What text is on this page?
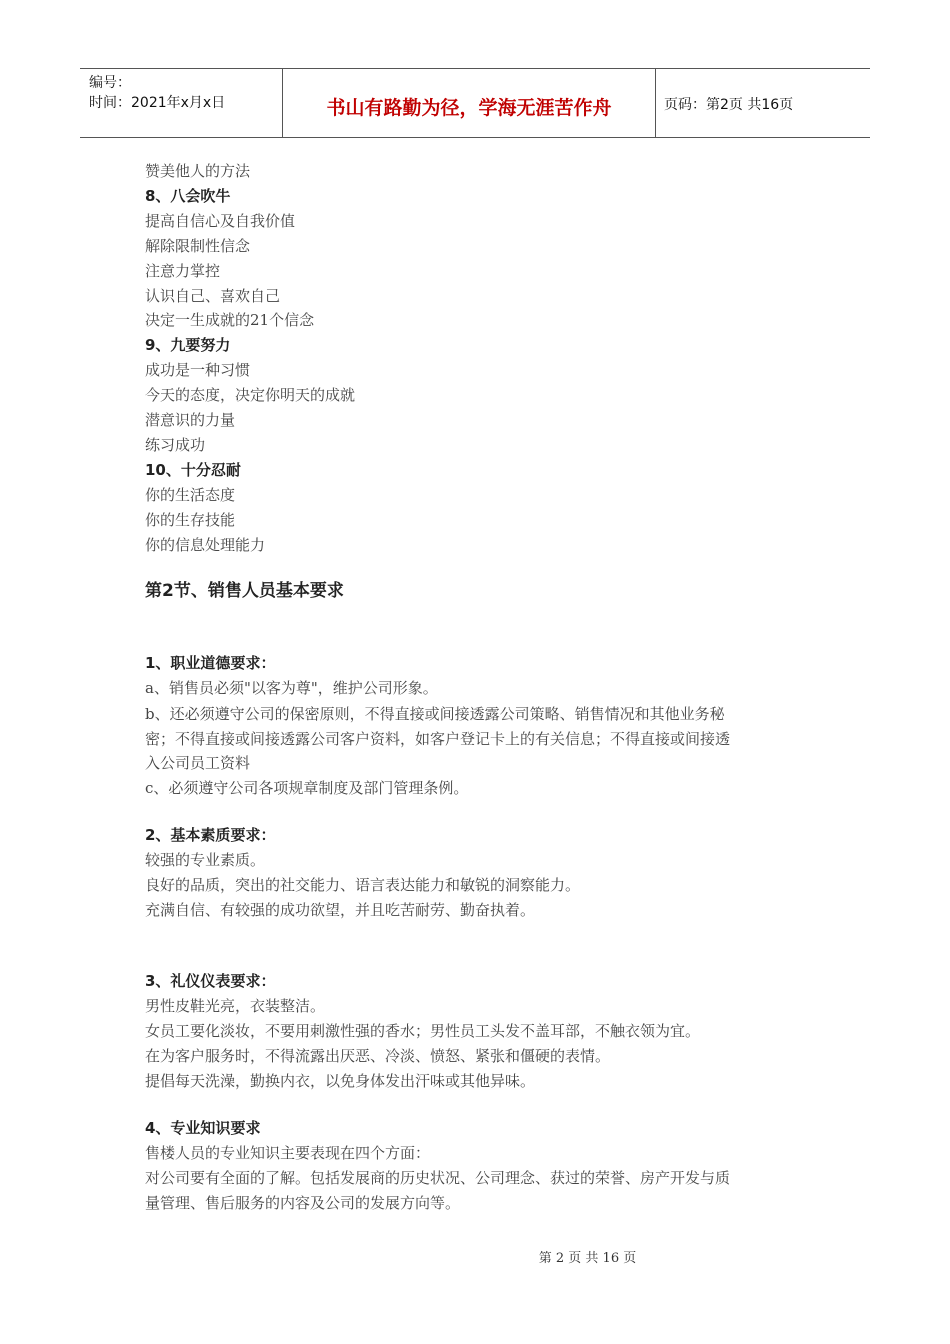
编号：
时间：2021年x月x日	书山有路勤为径，学海无涯苦作舟	页码：第2页 共16页
赞美他人的方法
8、八会吹牛
提高自信心及自我价值
解除限制性信念
注意力掌控
认识自己、喜欢自己
决定一生成就的21个信念
9、九要努力
成功是一种习惯
今天的态度，决定你明天的成就
潜意识的力量
练习成功
10、十分忍耐
你的生活态度
你的生存技能
你的信息处理能力
第2节、销售人员基本要求
1、职业道德要求：
a、销售员必须"以客为尊"，维护公司形象。
b、还必须遵守公司的保密原则，不得直接或间接透露公司策略、销售情况和其他业务秘
密；不得直接或间接透露公司客户资料，如客户登记卡上的有关信息；不得直接或间接透
入公司员工资料
c、必须遵守公司各项规章制度及部门管理条例。
2、基本素质要求：
较强的专业素质。
良好的品质，突出的社交能力、语言表达能力和敏锐的洞察能力。
充满自信、有较强的成功欲望，并且吃苦耐劳、勤奋执着。
3、礼仪仪表要求：
男性皮鞋光亮，衣装整洁。
女员工要化淡妆，不要用刺激性强的香水；男性员工头发不盖耳部，不触衣领为宜。
在为客户服务时，不得流露出厌恶、冷淡、愤怒、紧张和僵硬的表情。
提倡每天洗澡，勤换内衣，以免身体发出汗味或其他异味。
4、专业知识要求
售楼人员的专业知识主要表现在四个方面：
对公司要有全面的了解。包括发展商的历史状况、公司理念、获过的荣誉、房产开发与质
量管理、售后服务的内容及公司的发展方向等。
第 2 页 共 16 页
